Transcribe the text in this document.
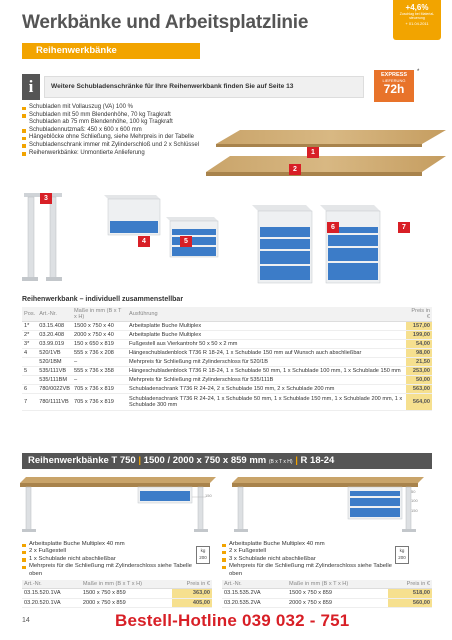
Werkbänke und Arbeitsplatzlinie
+4,6%
Zuschlag bei Material-
steuerung
+ 01.04.2011
Reihenwerkbänke
i	Weitere Schubladenschränke für Ihre Reihenwerkbank finden Sie auf Seite 13
EXPRESS
LIEFERUNG
72h
*
Schubladen mit Vollauszug (VA) 100 %
Schubladen mit 50 mm Blendenhöhe, 70 kg Tragkraft
Schubladen ab 75 mm Blendenhöhe, 100 kg Tragkraft
Schubladennutzmaß: 450 x 600 x 600 mm
Hängeblöcke ohne Schließung, siehe Mehrpreis in der Tabelle
Schubladenschrank immer mit Zylinderschloß und 2 x Schlüssel
Reihenwerkbänke: Unmontierte Anlieferung	1
2
3
4	5
6	7
Reihenwerkbank – individuell zusammenstellbar
Pos.	Art.-Nr.	Maße in mm (B x T x H)	Ausführung	Preis in €
1*	03.15.408	1500 x 750 x 40	Arbeitsplatte Buche Multiplex	157,00
2*	03.20.408	2000 x 750 x 40	Arbeitsplatte Buche Multiplex	199,00
3*	03.99.019	150 x 650 x 819	Fußgestell aus Vierkantrohr 50 x 50 x 2 mm	54,00
4	520/1VB	555 x 736 x 208	Hängeschubladenblock T736 R 18-24, 1 x Schublade 150 mm auf Wunsch auch abschließbar	98,00
	520/1BM	–	Mehrpreis für Schließung mit Zylinderschloss für 520/1B	21,50
5	535/111VB	555 x 736 x 358	Hängeschubladenblock T736 R 18-24, 1 x Schublade 50 mm, 1 x Schublade 100 mm, 1 x Schublade 150 mm	253,00
	535/111BM	–	Mehrpreis für Schließung mit Zylinderschloss für 535/111B	50,00
6	780/0022VB	705 x 736 x 819	Schubladenschrank T736 R 24-24, 2 x Schublade 150 mm, 2 x Schublade 200 mm	563,00
7	780/1111VB	705 x 736 x 819	Schubladenschrank T736 R 24-24, 1 x Schublade 50 mm, 1 x Schublade 150 mm, 1 x Schublade 200 mm, 1 x Schublade 300 mm	564,00
Reihenwerkbänke T 750 | 1500 / 2000 x 750 x 859 mm (B x T x H) | R 18-24
150
50
100
150
Arbeitsplatte Buche Multiplex 40 mm
2 x Fußgestell
1 x Schublade nicht abschließbar
Mehrpreis für die Schließung mit Zylinderschloss siehe Tabelle oben
kg
200
Art.-Nr.	Maße in mm (B x T x H)	Preis in €
03.15.520.1VA	1500 x 750 x 859	363,00
03.20.520.1VA	2000 x 750 x 859	405,00
Arbeitsplatte Buche Multiplex 40 mm
2 x Fußgestell
3 x Schublade nicht abschließbar
Mehrpreis für die Schließung mit Zylinderschloss siehe Tabelle oben
kg
200
Art.-Nr.	Maße in mm (B x T x H)	Preis in €
03.15.535.2VA	1500 x 750 x 859	518,00
03.20.535.2VA	2000 x 750 x 859	560,00
14	Bestell-Hotline 039 032 - 751
